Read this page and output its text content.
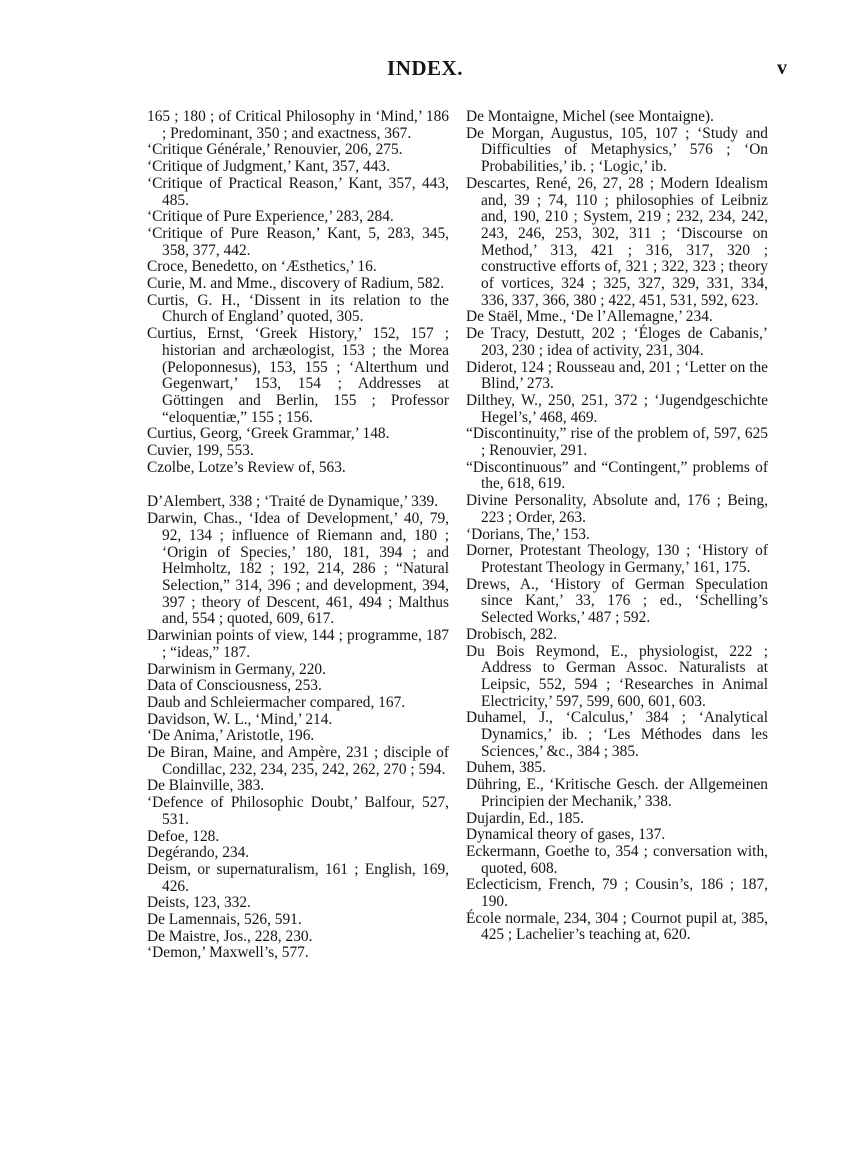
INDEX.	v

165 ; 180 ; of Critical Philosophy in ‘Mind,’ 186 ; Predominant, 350 ; and exactness, 367.

‘Critique Générale,’ Renouvier, 206, 275.

‘Critique of Judgment,’ Kant, 357, 443.

‘Critique of Practical Reason,’ Kant, 357, 443, 485.

‘Critique of Pure Experience,’ 283, 284.

‘Critique of Pure Reason,’ Kant, 5, 283, 345, 358, 377, 442.

Croce, Benedetto, on ‘Æsthetics,’ 16.

Curie, M. and Mme., discovery of Radium, 582.

Curtis, G. H., ‘Dissent in its relation to the Church of England’ quoted, 305.

Curtius, Ernst, ‘Greek History,’ 152, 157 ; historian and archæologist, 153 ; the Morea (Peloponnesus), 153, 155 ; ‘Alterthum und Gegenwart,’ 153, 154 ; Addresses at Göttingen and Berlin, 155 ; Professor “eloquentiæ,” 155 ; 156.

Curtius, Georg, ‘Greek Grammar,’ 148.

Cuvier, 199, 553.

Czolbe, Lotze’s Review of, 563.

D’Alembert, 338 ; ‘Traité de Dynamique,’ 339.

Darwin, Chas., ‘Idea of Development,’ 40, 79, 92, 134 ; influence of Riemann and, 180 ; ‘Origin of Species,’ 180, 181, 394 ; and Helmholtz, 182 ; 192, 214, 286 ; “Natural Selection,” 314, 396 ; and development, 394, 397 ; theory of Descent, 461, 494 ; Malthus and, 554 ; quoted, 609, 617.

Darwinian points of view, 144 ; programme, 187 ; “ideas,” 187.

Darwinism in Germany, 220.

Data of Consciousness, 253.

Daub and Schleiermacher compared, 167.

Davidson, W. L., ‘Mind,’ 214.

‘De Anima,’ Aristotle, 196.

De Biran, Maine, and Ampère, 231 ; disciple of Condillac, 232, 234, 235, 242, 262, 270 ; 594.

De Blainville, 383.

‘Defence of Philosophic Doubt,’ Balfour, 527, 531.

Defoe, 128.

Degérando, 234.

Deism, or supernaturalism, 161 ; English, 169, 426.

Deists, 123, 332.

De Lamennais, 526, 591.

De Maistre, Jos., 228, 230.

‘Demon,’ Maxwell’s, 577.

De Montaigne, Michel (see Montaigne).

De Morgan, Augustus, 105, 107 ; ‘Study and Difficulties of Metaphysics,’ 576 ; ‘On Probabilities,’ ib. ; ‘Logic,’ ib.

Descartes, René, 26, 27, 28 ; Modern Idealism and, 39 ; 74, 110 ; philosophies of Leibniz and, 190, 210 ; System, 219 ; 232, 234, 242, 243, 246, 253, 302, 311 ; ‘Discourse on Method,’ 313, 421 ; 316, 317, 320 ; constructive efforts of, 321 ; 322, 323 ; theory of vortices, 324 ; 325, 327, 329, 331, 334, 336, 337, 366, 380 ; 422, 451, 531, 592, 623.

De Staël, Mme., ‘De l’Allemagne,’ 234.

De Tracy, Destutt, 202 ; ‘Éloges de Cabanis,’ 203, 230 ; idea of activity, 231, 304.

Diderot, 124 ; Rousseau and, 201 ; ‘Letter on the Blind,’ 273.

Dilthey, W., 250, 251, 372 ; ‘Jugendgeschichte Hegel’s,’ 468, 469.

“Discontinuity,” rise of the problem of, 597, 625 ; Renouvier, 291.

“Discontinuous” and “Contingent,” problems of the, 618, 619.

Divine Personality, Absolute and, 176 ; Being, 223 ; Order, 263.

‘Dorians, The,’ 153.

Dorner, Protestant Theology, 130 ; ‘History of Protestant Theology in Germany,’ 161, 175.

Drews, A., ‘History of German Speculation since Kant,’ 33, 176 ; ed., ‘Schelling’s Selected Works,’ 487 ; 592.

Drobisch, 282.

Du Bois Reymond, E., physiologist, 222 ; Address to German Assoc. Naturalists at Leipsic, 552, 594 ; ‘Researches in Animal Electricity,’ 597, 599, 600, 601, 603.

Duhamel, J., ‘Calculus,’ 384 ; ‘Analytical Dynamics,’ ib. ; ‘Les Méthodes dans les Sciences,’ &c., 384 ; 385.

Duhem, 385.

Dühring, E., ‘Kritische Gesch. der Allgemeinen Principien der Mechanik,’ 338.

Dujardin, Ed., 185.

Dynamical theory of gases, 137.

Eckermann, Goethe to, 354 ; conversation with, quoted, 608.

Eclecticism, French, 79 ; Cousin’s, 186 ; 187, 190.

École normale, 234, 304 ; Cournot pupil at, 385, 425 ; Lachelier’s teaching at, 620.
